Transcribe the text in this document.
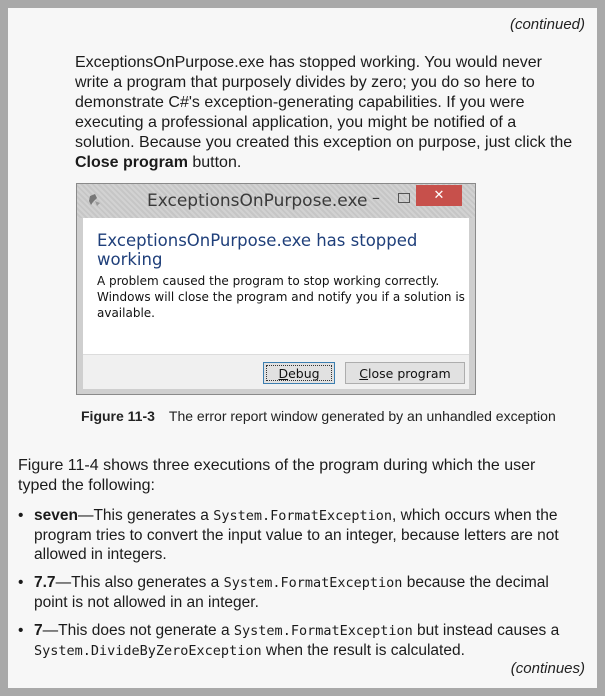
(continued)

ExceptionsOnPurpose.exe has stopped working. You would never write a program that purposely divides by zero; you do so here to demonstrate C#'s exception-generating capabilities. If you were executing a professional application, you might be notified of a solution. Because you created this exception on purpose, just click the Close program button.

ExceptionsOnPurpose.exe –	✕
ExceptionsOnPurpose.exe has stopped working
A problem caused the program to stop working correctly. Windows will close the program and notify you if a solution is available.
Debug	Close program
Figure 11-3 The error report window generated by an unhandled exception

Figure 11-4 shows three executions of the program during which the user typed the following:

• seven—This generates a System.FormatException, which occurs when the program tries to convert the input value to an integer, because letters are not allowed in integers.
• 7.7—This also generates a System.FormatException because the decimal point is not allowed in an integer.
• 7—This does not generate a System.FormatException but instead causes a System.DivideByZeroException when the result is calculated.
(continues)
